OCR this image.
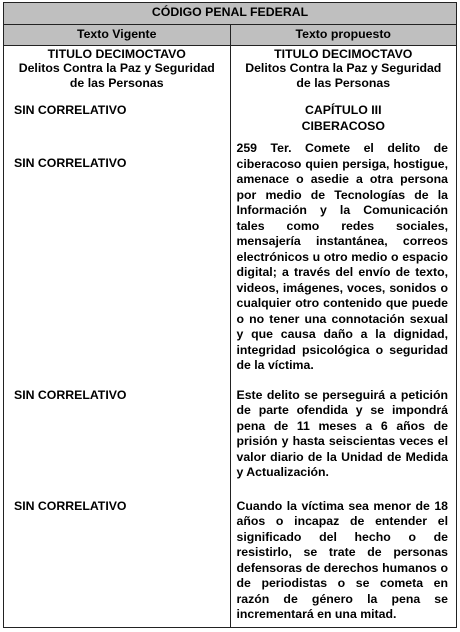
CÓDIGO PENAL FEDERAL	
Texto Vigente	Texto propuesto
TITULO DECIMOCTAVO	TITULO DECIMOCTAVO
Delitos Contra la Paz y Seguridad de las Personas	Delitos Contra la Paz y Seguridad de las Personas
SIN CORRELATIVO	CAPÍTULO III
CIBERACOSO

SIN CORRELATIVO	259 Ter. Comete el delito de ciberacoso quien persiga, hostigue, amenace o asedie a otra persona por medio de Tecnologías de la Información y la Comunicación tales como redes sociales, mensajería instantánea, correos electrónicos u otro medio o espacio digital; a través del envío de texto, videos, imágenes, voces, sonidos o cualquier otro contenido que puede o no tener una connotación sexual y que causa daño a la dignidad, integridad psicológica o seguridad de la víctima.
SIN CORRELATIVO	Este delito se perseguirá a petición de parte ofendida y se impondrá pena de 11 meses a 6 años de prisión y hasta seiscientas veces el valor diario de la Unidad de Medida y Actualización.
SIN CORRELATIVO	Cuando la víctima sea menor de 18 años o incapaz de entender el significado del hecho o de resistirlo, se trate de personas defensoras de derechos humanos o de periodistas o se cometa en razón de género la pena se incrementará en una mitad.
